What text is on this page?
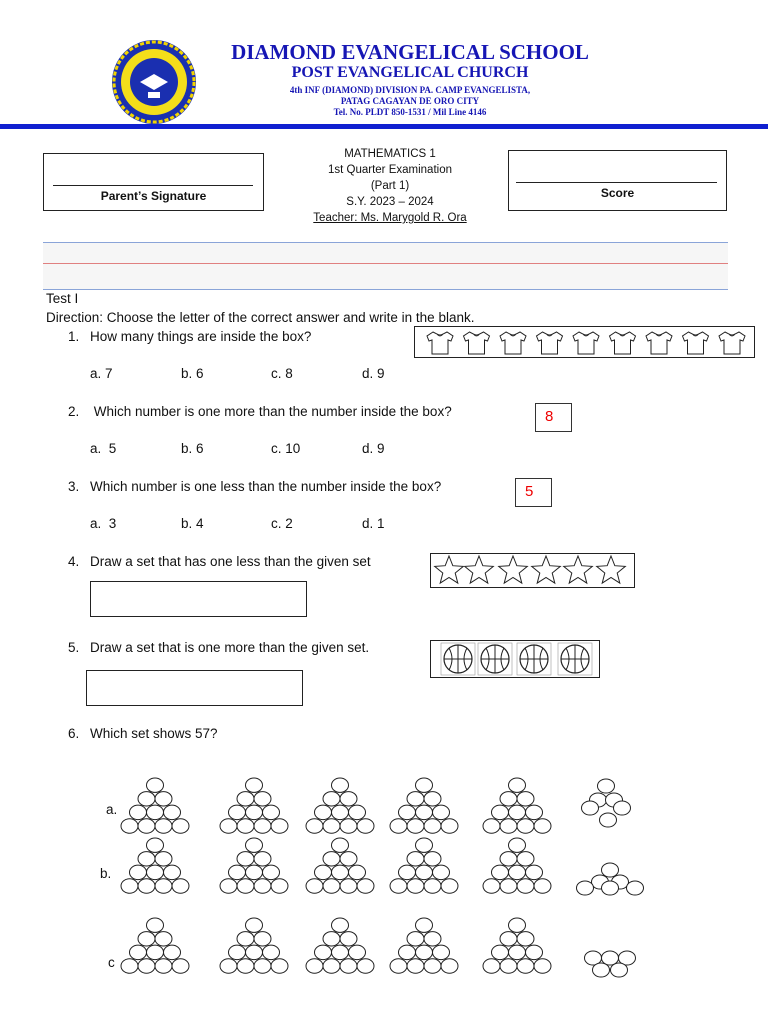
DIAMOND EVANGELICAL SCHOOL
POST EVANGELICAL CHURCH
4th INF (DIAMOND) DIVISION PA. CAMP EVANGELISTA,
PATAG CAGAYAN DE ORO CITY
Tel. No. PLDT 850-1531 / Mil Line 4146
Parent’s Signature
MATHEMATICS 1
1st Quarter Examination
(Part 1)
S.Y. 2023 – 2024
Teacher: Ms. Marygold R. Ora
Score
Test I
Direction: Choose the letter of the correct answer and write in the blank.
1. How many things are inside the box?
a. 7	b. 6	c. 8	d. 9
2. Which number is one more than the number inside the box?	8
a.  5	b. 6	c. 10	d. 9
3. Which number is one less than the number inside the box?	5
a.  3	b. 4	c. 2	d. 1
4. Draw a set that has one less than the given set
5. Draw a set that is one more than the given set.
6. Which set shows 57?
a.
b.
c
